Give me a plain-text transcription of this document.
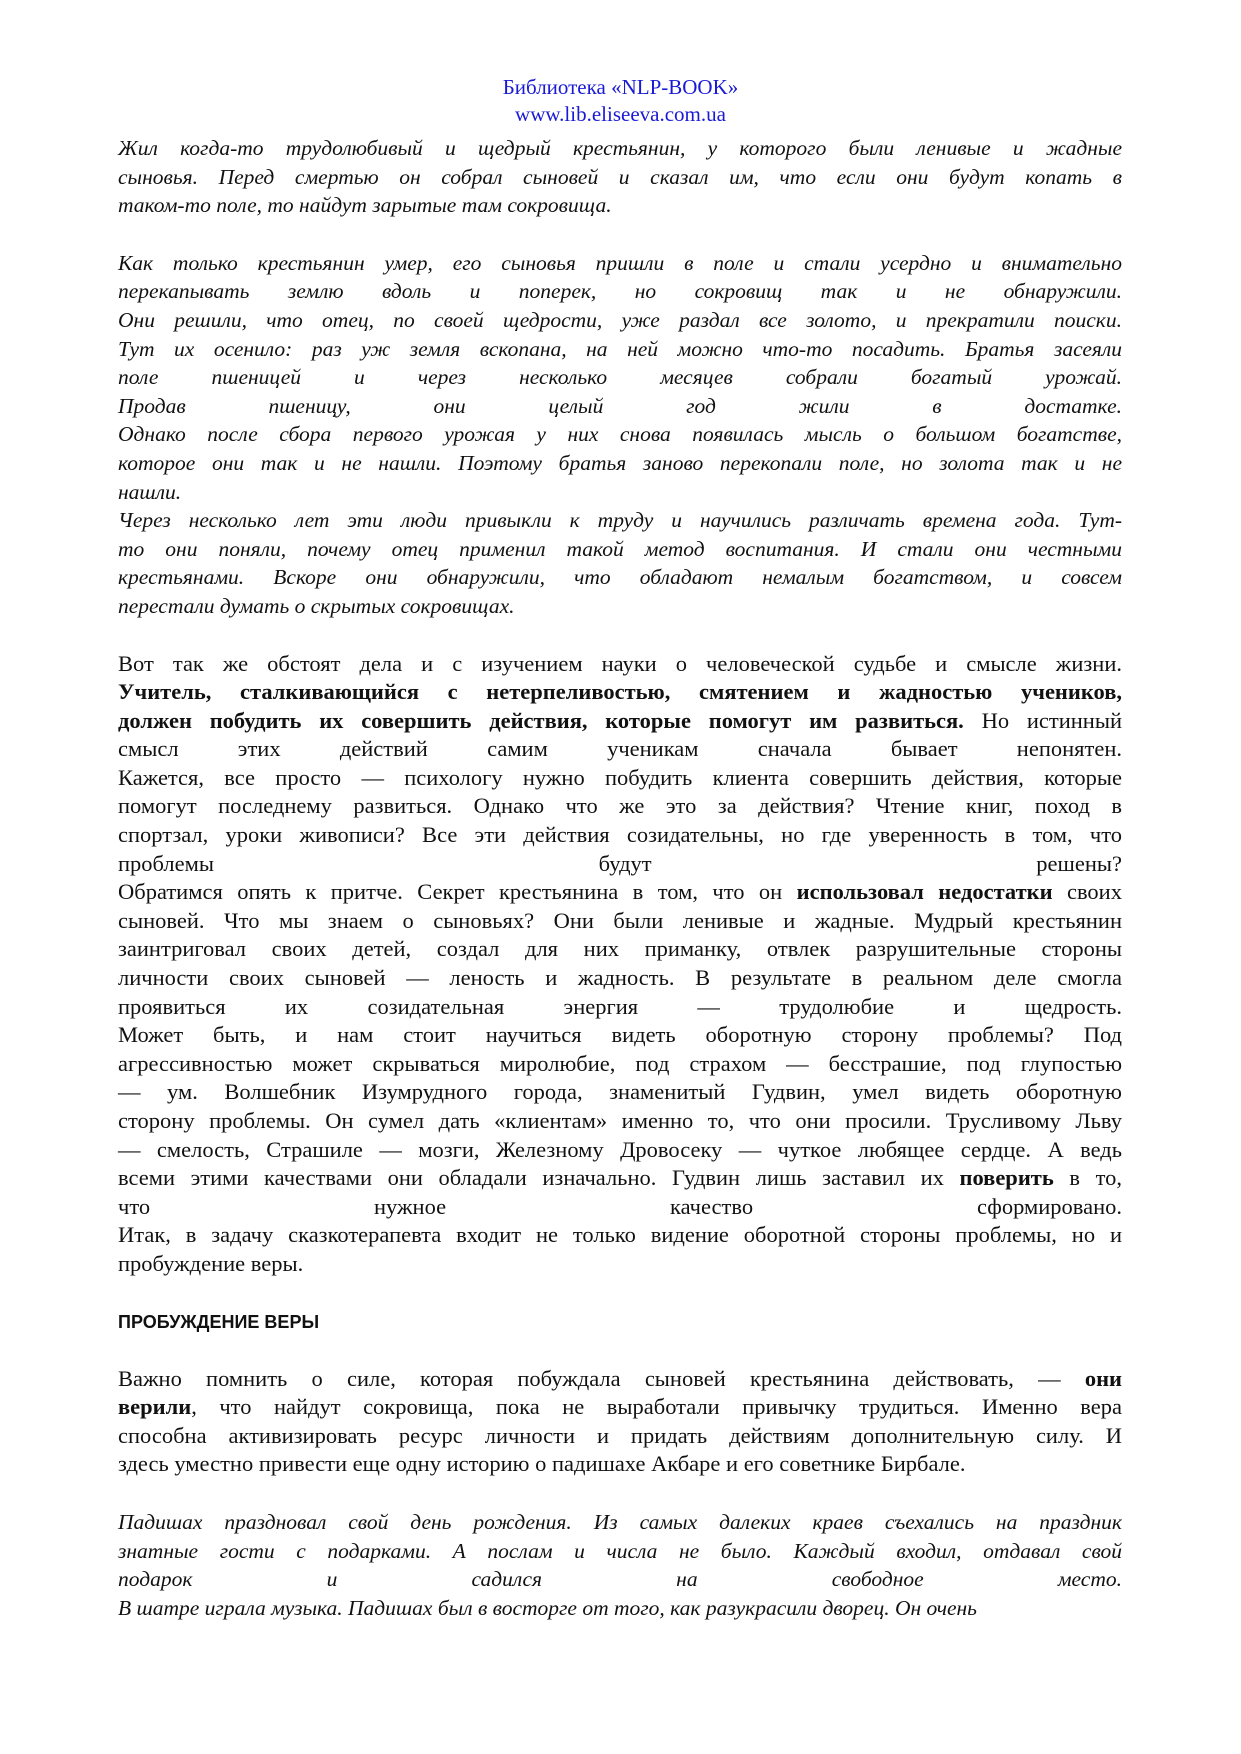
Библиотека «NLP-BOOK»
www.lib.eliseeva.com.ua
Жил когда-то трудолюбивый и щедрый крестьянин, у которого были ленивые и жадные
сыновья. Перед смертью он собрал сыновей и сказал им, что если они будут копать в
таком-то поле, то найдут зарытые там сокровища.
Как только крестьянин умер, его сыновья пришли в поле и стали усердно и внимательно
перекапывать землю вдоль и поперек, но сокровищ так и не обнаружили.
Они решили, что отец, по своей щедрости, уже раздал все золото, и прекратили поиски.
Тут их осенило: раз уж земля вскопана, на ней можно что-то посадить. Братья засеяли
поле пшеницей и через несколько месяцев собрали богатый урожай.
Продав пшеницу, они целый год жили в достатке.
Однако после сбора первого урожая у них снова появилась мысль о большом богатстве,
которое они так и не нашли. Поэтому братья заново перекопали поле, но золота так и не
нашли.
Через несколько лет эти люди привыкли к труду и научились различать времена года. Тут-
то они поняли, почему отец применил такой метод воспитания. И стали они честными
крестьянами. Вскоре они обнаружили, что обладают немалым богатством, и совсем
перестали думать о скрытых сокровищах.
Вот так же обстоят дела и с изучением науки о человеческой судьбе и смысле жизни.
Учитель, сталкивающийся с нетерпеливостью, смятением и жадностью учеников,
должен побудить их совершить действия, которые помогут им развиться. Но истинный
смысл этих действий самим ученикам сначала бывает непонятен.
Кажется, все просто — психологу нужно побудить клиента совершить действия, которые
помогут последнему развиться. Однако что же это за действия? Чтение книг, поход в
спортзал, уроки живописи? Все эти действия созидательны, но где уверенность в том, что
проблемы будут решены?
Обратимся опять к притче. Секрет крестьянина в том, что он использовал недостатки своих
сыновей. Что мы знаем о сыновьях? Они были ленивые и жадные. Мудрый крестьянин
заинтриговал своих детей, создал для них приманку, отвлек разрушительные стороны
личности своих сыновей — леность и жадность. В результате в реальном деле смогла
проявиться их созидательная энергия — трудолюбие и щедрость.
Может быть, и нам стоит научиться видеть оборотную сторону проблемы? Под
агрессивностью может скрываться миролюбие, под страхом — бесстрашие, под глупостью
— ум. Волшебник Изумрудного города, знаменитый Гудвин, умел видеть оборотную
сторону проблемы. Он сумел дать «клиентам» именно то, что они просили. Трусливому Льву
— смелость, Страшиле — мозги, Железному Дровосеку — чуткое любящее сердце. А ведь
всеми этими качествами они обладали изначально. Гудвин лишь заставил их поверить в то,
что нужное качество сформировано.
Итак, в задачу сказкотерапевта входит не только видение оборотной стороны проблемы, но и
пробуждение веры.
ПРОБУЖДЕНИЕ ВЕРЫ
Важно помнить о силе, которая побуждала сыновей крестьянина действовать, — они
верили, что найдут сокровища, пока не выработали привычку трудиться. Именно вера
способна активизировать ресурс личности и придать действиям дополнительную силу. И
здесь уместно привести еще одну историю о падишахе Акбаре и его советнике Бирбале.
Падишах праздновал свой день рождения. Из самых далеких краев съехались на праздник
знатные гости с подарками. А послам и числа не было. Каждый входил, отдавал свой
подарок и садился на свободное место.
В шатре играла музыка. Падишах был в восторге от того, как разукрасили дворец. Он очень
